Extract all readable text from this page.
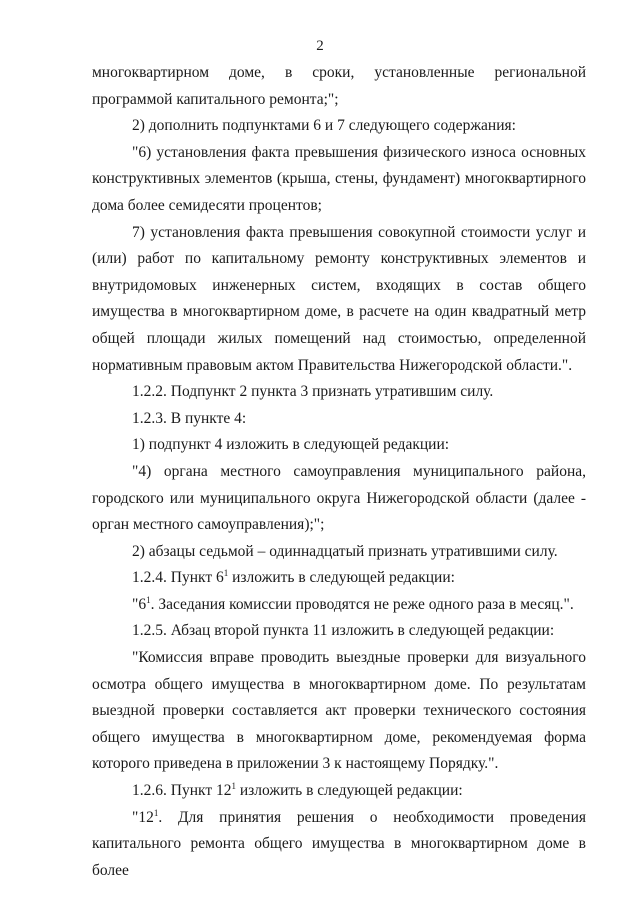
2

многоквартирном доме, в сроки, установленные региональной программой капитального ремонта;";

2) дополнить подпунктами 6 и 7 следующего содержания:

"6) установления факта превышения физического износа основных конструктивных элементов (крыша, стены, фундамент) многоквартирного дома более семидесяти процентов;

7) установления факта превышения совокупной стоимости услуг и (или) работ по капитальному ремонту конструктивных элементов и внутридомовых инженерных систем, входящих в состав общего имущества в многоквартирном доме, в расчете на один квадратный метр общей площади жилых помещений над стоимостью, определенной нормативным правовым актом Правительства Нижегородской области.".

1.2.2. Подпункт 2 пункта 3 признать утратившим силу.

1.2.3. В пункте 4:

1) подпункт 4 изложить в следующей редакции:

"4) органа местного самоуправления муниципального района, городского или муниципального округа Нижегородской области (далее - орган местного самоуправления);";

2) абзацы седьмой – одиннадцатый признать утратившими силу.

1.2.4. Пункт $6^1$ изложить в следующей редакции:

"$6^1$. Заседания комиссии проводятся не реже одного раза в месяц.".

1.2.5. Абзац второй пункта 11 изложить в следующей редакции:

"Комиссия вправе проводить выездные проверки для визуального осмотра общего имущества в многоквартирном доме. По результатам выездной проверки составляется акт проверки технического состояния общего имущества в многоквартирном доме, рекомендуемая форма которого приведена в приложении 3 к настоящему Порядку.".

1.2.6. Пункт $12^1$ изложить в следующей редакции:

"$12^1$. Для принятия решения о необходимости проведения капитального ремонта общего имущества в многоквартирном доме в более
